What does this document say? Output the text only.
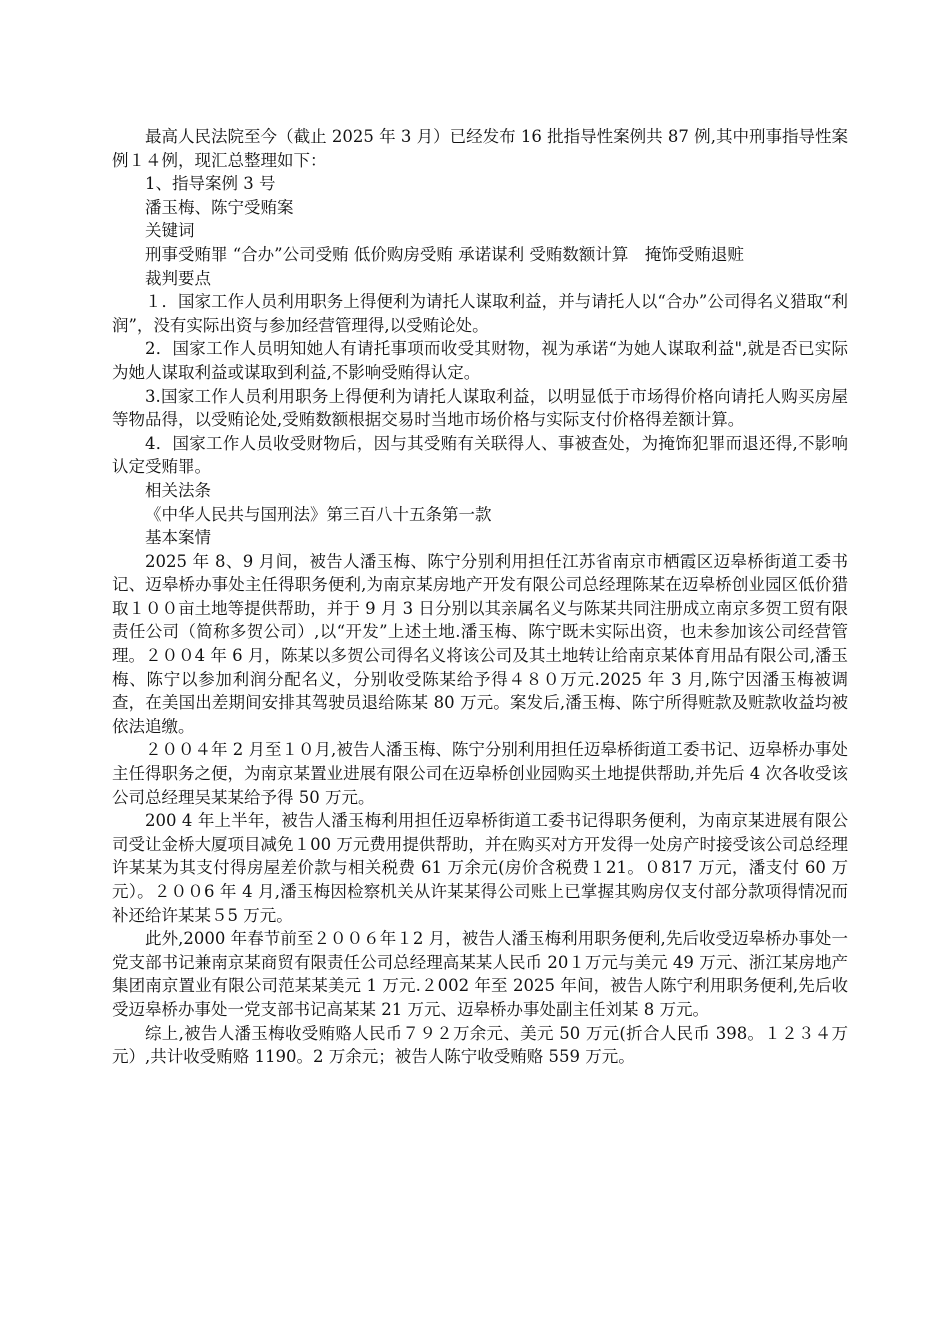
最高人民法院至今（截止 2025 年 3 月）已经发布 16 批指导性案例共 87 例,其中刑事指导性案例１４例，现汇总整理如下：

1、指导案例 3 号

潘玉梅、陈宁受贿案

关键词

刑事受贿罪 “合办”公司受贿 低价购房受贿 承诺谋利 受贿数额计算　掩饰受贿退赃

裁判要点

１．国家工作人员利用职务上得便利为请托人谋取利益，并与请托人以“合办”公司得名义猎取“利润”，没有实际出资与参加经营管理得,以受贿论处。

2．国家工作人员明知她人有请托事项而收受其财物，视为承诺“为她人谋取利益",就是否已实际为她人谋取利益或谋取到利益,不影响受贿得认定。

3.国家工作人员利用职务上得便利为请托人谋取利益，以明显低于市场得价格向请托人购买房屋等物品得，以受贿论处,受贿数额根据交易时当地市场价格与实际支付价格得差额计算。

4．国家工作人员收受财物后，因与其受贿有关联得人、事被查处，为掩饰犯罪而退还得,不影响认定受贿罪。

相关法条

《中华人民共与国刑法》第三百八十五条第一款

基本案情

2025 年 8、9 月间，被告人潘玉梅、陈宁分别利用担任江苏省南京市栖霞区迈皋桥街道工委书记、迈皋桥办事处主任得职务便利,为南京某房地产开发有限公司总经理陈某在迈皋桥创业园区低价猎取１００亩土地等提供帮助，并于 9 月 3 日分别以其亲属名义与陈某共同注册成立南京多贺工贸有限责任公司（简称多贺公司）,以“开发”上述土地.潘玉梅、陈宁既未实际出资，也未参加该公司经营管理。２００4 年 6 月，陈某以多贺公司得名义将该公司及其土地转让给南京某体育用品有限公司,潘玉梅、陈宁以参加利润分配名义，分别收受陈某给予得４８０万元.2025 年 3 月,陈宁因潘玉梅被调查，在美国出差期间安排其驾驶员退给陈某 80 万元。案发后,潘玉梅、陈宁所得赃款及赃款收益均被依法追缴。

２００４年 2 月至１０月,被告人潘玉梅、陈宁分别利用担任迈皋桥街道工委书记、迈皋桥办事处主任得职务之便，为南京某置业进展有限公司在迈皋桥创业园购买土地提供帮助,并先后 4 次各收受该公司总经理吴某某给予得 50 万元。

200 4 年上半年，被告人潘玉梅利用担任迈皋桥街道工委书记得职务便利，为南京某进展有限公司受让金桥大厦项目减免１00 万元费用提供帮助，并在购买对方开发得一处房产时接受该公司总经理许某某为其支付得房屋差价款与相关税费 61 万余元(房价含税费１21。０817 万元，潘支付 60 万元）。２００6 年 4 月,潘玉梅因检察机关从许某某得公司账上已掌握其购房仅支付部分款项得情况而补还给许某某５5 万元。

此外,2000 年春节前至２００６年１2 月，被告人潘玉梅利用职务便利,先后收受迈皋桥办事处一党支部书记兼南京某商贸有限责任公司总经理高某某人民币 20１万元与美元 49 万元、浙江某房地产集团南京置业有限公司范某某美元 1 万元.２002 年至 2025 年间，被告人陈宁利用职务便利,先后收受迈皋桥办事处一党支部书记高某某 21 万元、迈皋桥办事处副主任刘某 8 万元。

综上,被告人潘玉梅收受贿赂人民币７９２万余元、美元 50 万元(折合人民币 398。１２３４万元）,共计收受贿赂 1190。2 万余元；被告人陈宁收受贿赂 559 万元。
